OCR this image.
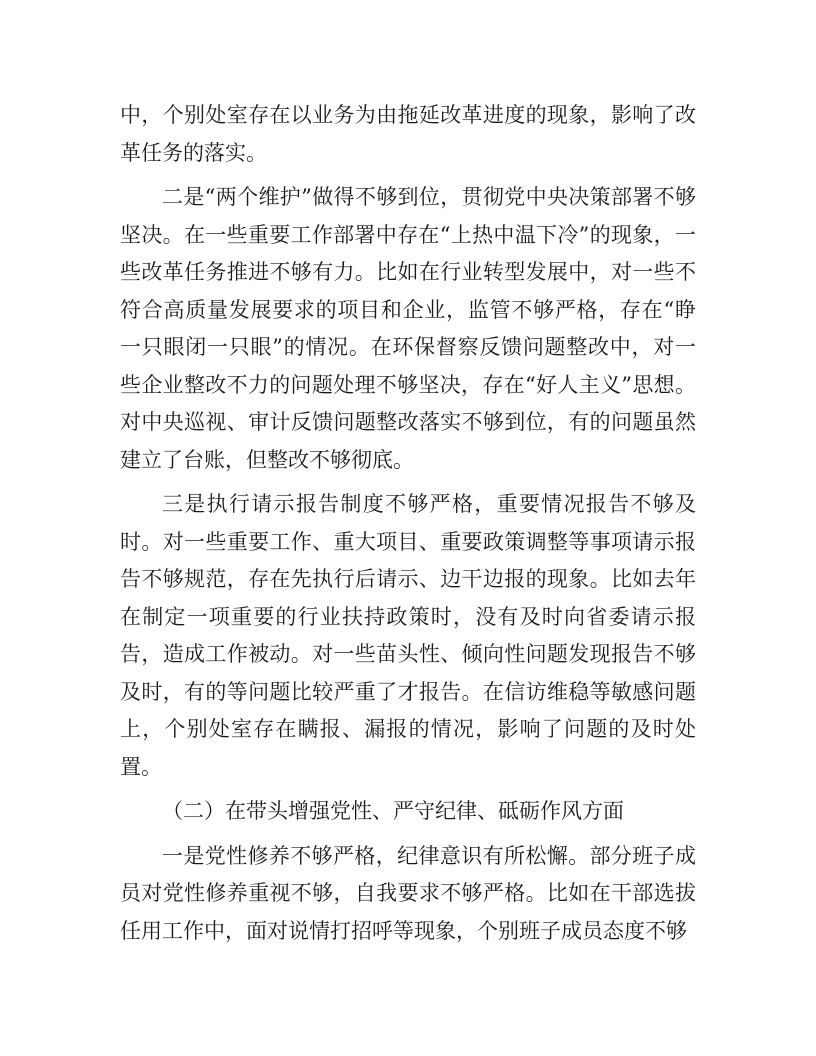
中，个别处室存在以业务为由拖延改革进度的现象，影响了改革任务的落实。

二是“两个维护”做得不够到位，贯彻党中央决策部署不够坚决。在一些重要工作部署中存在“上热中温下冷”的现象，一些改革任务推进不够有力。比如在行业转型发展中，对一些不符合高质量发展要求的项目和企业，监管不够严格，存在“睁一只眼闭一只眼”的情况。在环保督察反馈问题整改中，对一些企业整改不力的问题处理不够坚决，存在“好人主义”思想。对中央巡视、审计反馈问题整改落实不够到位，有的问题虽然建立了台账，但整改不够彻底。

三是执行请示报告制度不够严格，重要情况报告不够及时。对一些重要工作、重大项目、重要政策调整等事项请示报告不够规范，存在先执行后请示、边干边报的现象。比如去年在制定一项重要的行业扶持政策时，没有及时向省委请示报告，造成工作被动。对一些苗头性、倾向性问题发现报告不够及时，有的等问题比较严重了才报告。在信访维稳等敏感问题上，个别处室存在瞒报、漏报的情况，影响了问题的及时处置。

（二）在带头增强党性、严守纪律、砥砺作风方面

一是党性修养不够严格，纪律意识有所松懈。部分班子成员对党性修养重视不够，自我要求不够严格。比如在干部选拔任用工作中，面对说情打招呼等现象，个别班子成员态度不够
